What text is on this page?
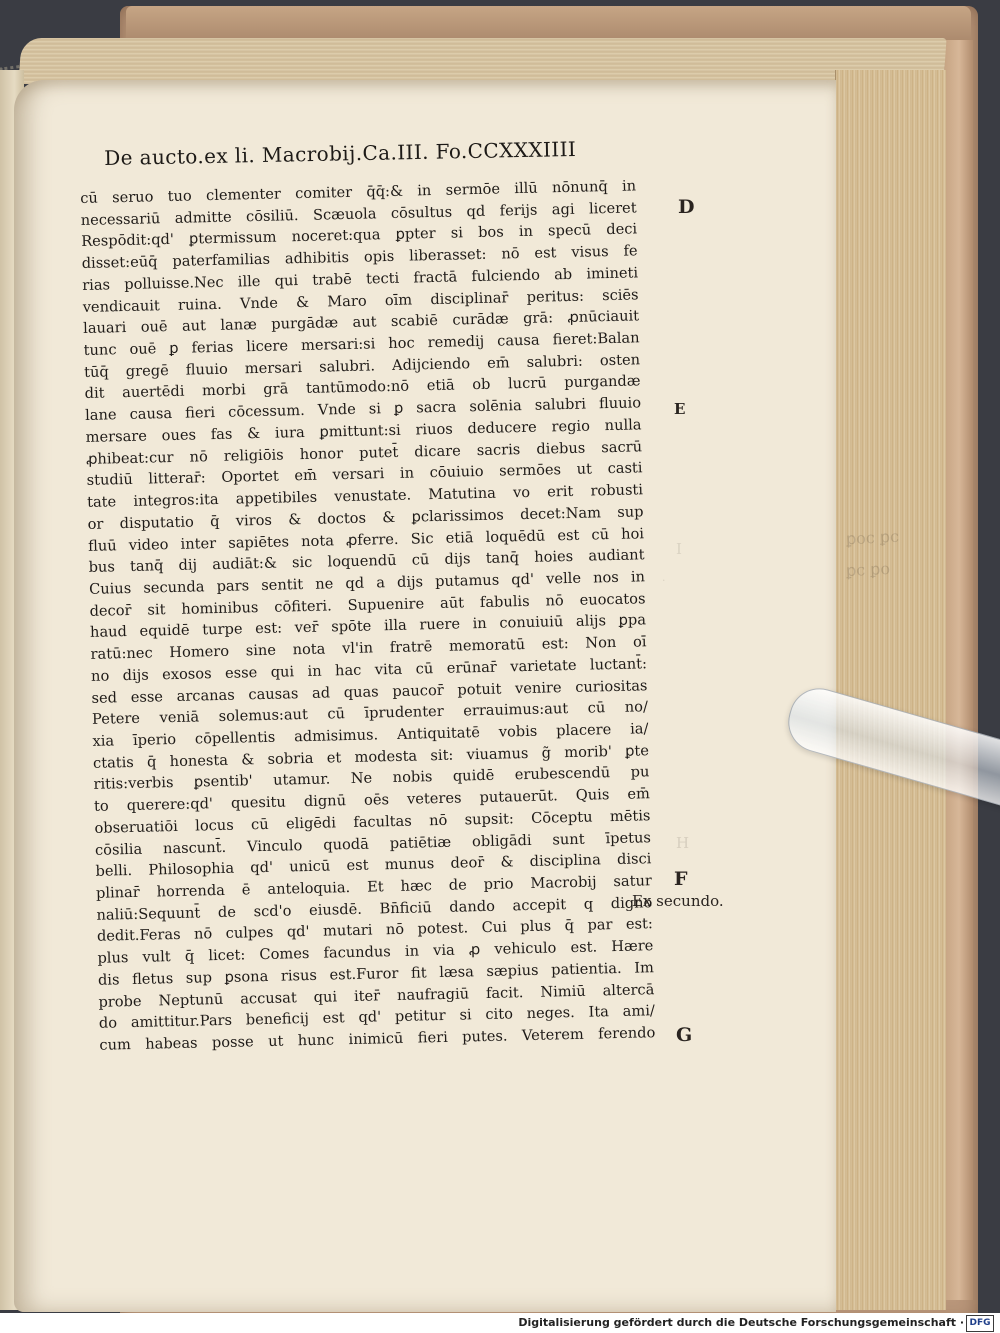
ꝑoc ꝑc
ꝑc ꝑo
I
·
H
De aucto.ex li. Macrobij.Ca.III. Fo.CCXXXIIII
cū seruo tuo clementer comiter q̄q̄:& in sermōe illū nōnunq̄ in
necessariū admitte cōsiliū. Scæuola cōsultus qd ferijs agi liceret
Respōdit:qd' ꝑtermissum noceret:qua ꝑpter si bos in specū deci
disset:eūq̄ paterfamilias adhibitis opis liberasset: nō est visus fe
rias polluisse.Nec ille qui trabē tecti fractā fulciendo ab imineti
vendicauit ruina. Vnde & Maro oīm disciplinar̄ peritus: sciēs
lauari ouē aut lanæ purgādæ aut scabiē curādæ grā: ꝓnūciauit
tunc ouē ꝑ ferias licere mersari:si hoc remedij causa fieret:Balan
tūq̄ gregē fluuio mersari salubri. Adijciendo em̄ salubri: osten
dit auertēdi morbi grā tantūmodo:nō etiā ob lucrū purgandæ
lane causa fieri cōcessum. Vnde si ꝑ sacra solēnia salubri fluuio
mersare oues fas & iura ꝑmittunt:si riuos deducere regio nulla
ꝓhibeat:cur nō religiōis honor putet̄ dicare sacris diebus sacrū
studiū litterar̄: Oportet em̄ versari in cōuiuio sermōes ut casti
tate integros:ita appetibiles venustate. Matutina vo erit robusti
or disputatio q̄ viros & doctos & ꝑclarissimos decet:Nam sup
fluū video inter sapiētes nota ꝓferre. Sic etiā loquēdū est cū hoi
bus tanq̄ dij audiāt:& sic loquendū cū dijs tanq̄ hoies audiant
Cuius secunda pars sentit ne qd a dijs putamus qd' velle nos in
decor̄ sit hominibus cōfiteri. Supuenire aūt fabulis nō euocatos
haud equidē turpe est: ver̄ spōte illa ruere in conuiuiū alijs ꝑpa
ratū:nec Homero sine nota vl'in fratrē memoratū est: Non oī
no dijs exosos esse qui in hac vita cū erūnar̄ varietate luctant̄:
sed esse arcanas causas ad quas paucor̄ potuit venire curiositas
Petere veniā solemus:aut cū īprudenter errauimus:aut cū no/
xia īperio cōpellentis admisimus. Antiquitatē vobis placere ia/
ctatis q̄ honesta & sobria et modesta sit: viuamus g̃ morib' ꝑte
ritis:verbis ꝑsentib' utamur. Ne nobis quidē erubescendū pu
to querere:qd' quesitu dignū oēs veteres putauerūt. Quis em̄
obseruatiōi locus cū eligēdi facultas nō supsit: Cōceptu mētis
cōsilia nascunt̄. Vinculo quodā patiētiæ obligādi sunt īpetus
belli. Philosophia qd' unicū est munus deor̄ & disciplina disci
plinar̄ horrenda ē anteloquia. Et hæc de prio Macrobij satur
naliū:Sequunt̄ de scd'o eiusdē. Bn̄ficiū dando accepit q digno
dedit.Feras nō culpes qd' mutari nō potest. Cui plus q̄ par est:
plus vult q̄ licet: Comes facundus in via ꝓ vehiculo est. Hære
dis fletus sup ꝑsona risus est.Furor fit læsa sæpius patientia. Im
probe Neptunū accusat qui iter̄ naufragiū facit. Nimiū altercā
do amittitur.Pars beneficij est qd' petitur si cito neges. Ita ami/
cum habeas posse ut hunc inimicū fieri putes. Veterem ferendo
D
E
F
Ex secundo.
G
Digitalisierung gefördert durch die Deutsche Forschungsgemeinschaft · DFG
